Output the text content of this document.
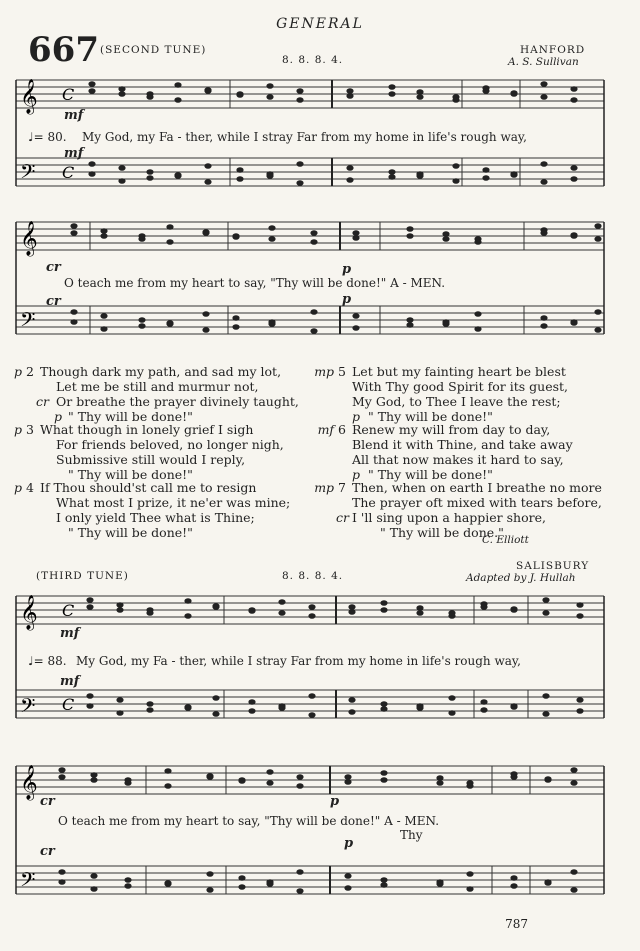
GENERAL
667 (SECOND TUNE)
8. 8. 8. 4.
HANFORD
A. S. Sullivan
𝄞
𝄢
C
C
𝄞
𝄢
𝄞
𝄢
C
C
𝄞
𝄢
mf
♩= 80. My God, my Fa - ther, while I stray Far from my home in life's rough way,
mf
cr	p
O teach me from my heart to say, "Thy will be done!" A - MEN.
cr	p
p 2 Though dark my path, and sad my lot,
Let me be still and murmur not,
cr Or breathe the prayer divinely taught,
p " Thy will be done!"
p 3 What though in lonely grief I sigh
For friends beloved, no longer nigh,
Submissive still would I reply,
" Thy will be done!"
p 4 If Thou should'st call me to resign
What most I prize, it ne'er was mine;
I only yield Thee what is Thine;
" Thy will be done!"
mp 5 Let but my fainting heart be blest
With Thy good Spirit for its guest,
My God, to Thee I leave the rest;
p " Thy will be done!"
mf 6 Renew my will from day to day,
Blend it with Thine, and take away
All that now makes it hard to say,
p " Thy will be done!"
mp 7 Then, when on earth I breathe no more
The prayer oft mixed with tears before,
cr I 'll sing upon a happier shore,
" Thy will be done."
C. Elliott
(THIRD TUNE)	8. 8. 8. 4.
SALISBURY
Adapted by J. Hullah
mf
♩= 88. My God, my Fa - ther, while I stray Far from my home in life's rough way,
mf
cr	p
O teach me from my heart to say, "Thy will be done!" A - MEN.
Thy
cr
p
787
